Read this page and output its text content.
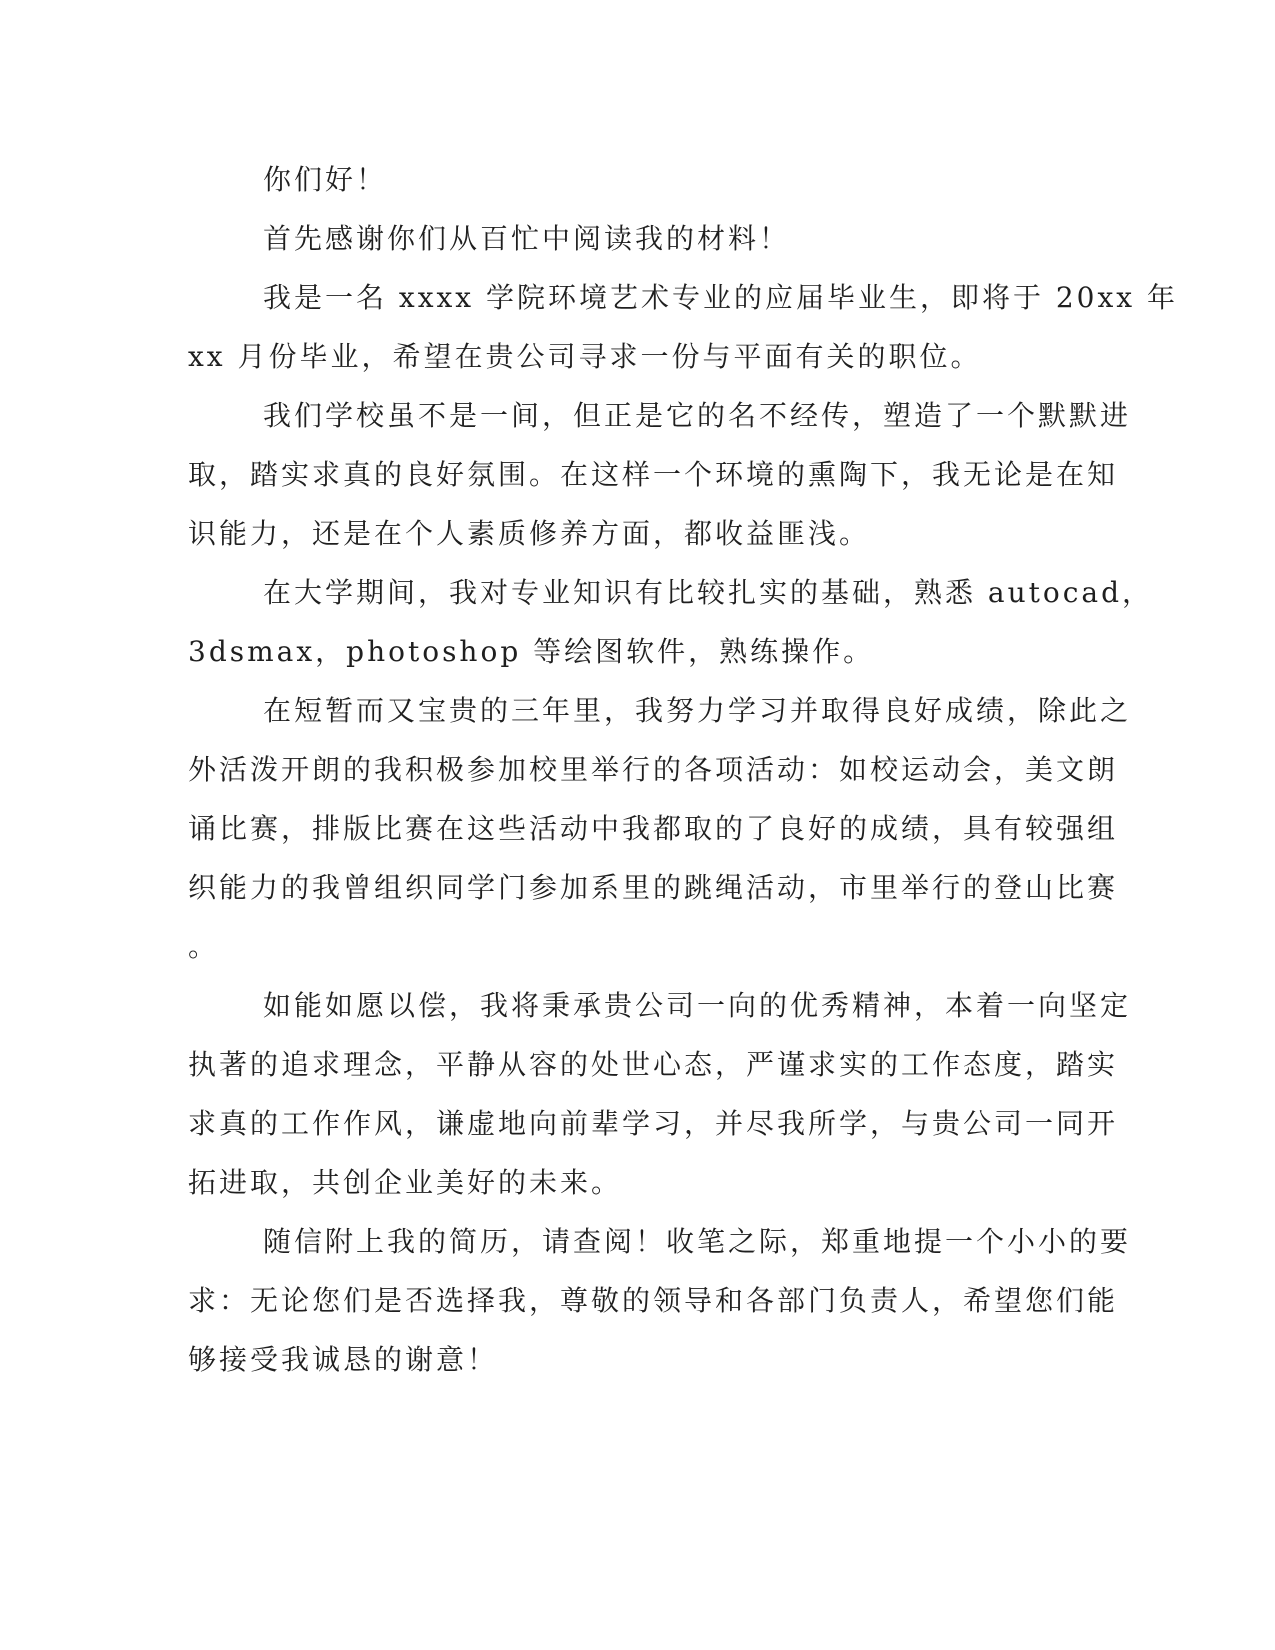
你们好！
首先感谢你们从百忙中阅读我的材料！
我是一名 xxxx 学院环境艺术专业的应届毕业生，即将于 20xx 年
xx 月份毕业，希望在贵公司寻求一份与平面有关的职位。
我们学校虽不是一间，但正是它的名不经传，塑造了一个默默进
取，踏实求真的良好氛围。在这样一个环境的熏陶下，我无论是在知
识能力，还是在个人素质修养方面，都收益匪浅。
在大学期间，我对专业知识有比较扎实的基础，熟悉 autocad，
3dsmax，photoshop 等绘图软件，熟练操作。
在短暂而又宝贵的三年里，我努力学习并取得良好成绩，除此之
外活泼开朗的我积极参加校里举行的各项活动：如校运动会，美文朗
诵比赛，排版比赛在这些活动中我都取的了良好的成绩，具有较强组
织能力的我曾组织同学门参加系里的跳绳活动，市里举行的登山比赛
。
如能如愿以偿，我将秉承贵公司一向的优秀精神，本着一向坚定
执著的追求理念，平静从容的处世心态，严谨求实的工作态度，踏实
求真的工作作风，谦虚地向前辈学习，并尽我所学，与贵公司一同开
拓进取，共创企业美好的未来。
随信附上我的简历，请查阅！收笔之际，郑重地提一个小小的要
求：无论您们是否选择我，尊敬的领导和各部门负责人，希望您们能
够接受我诚恳的谢意！
